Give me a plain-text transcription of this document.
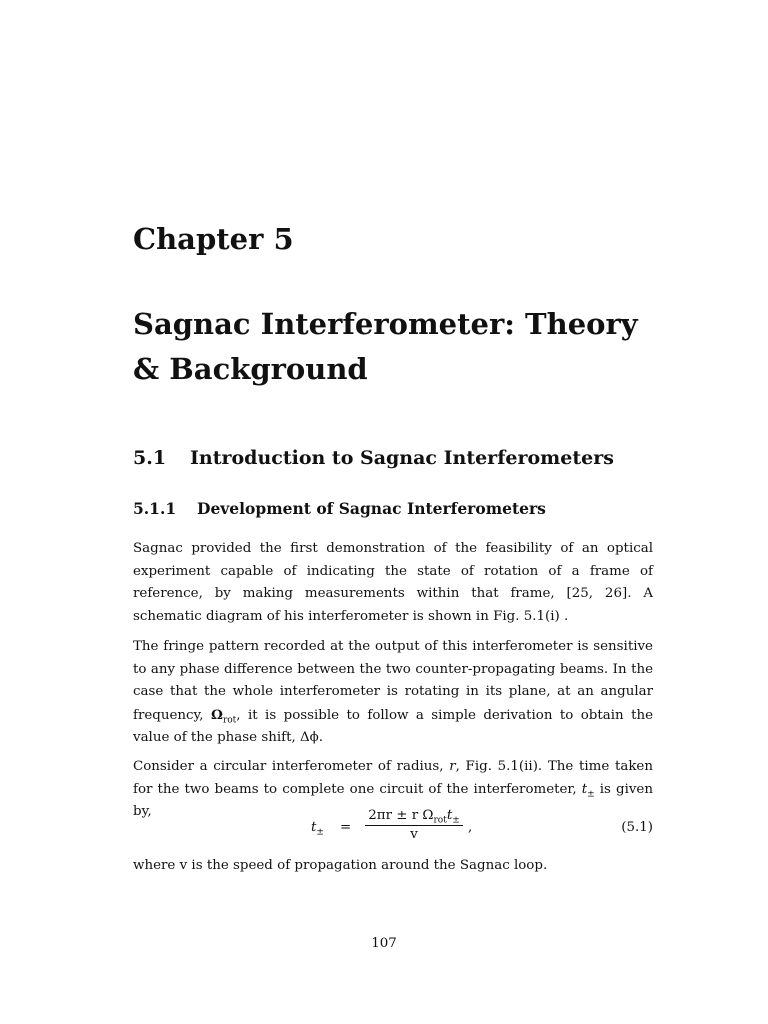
Chapter 5
Sagnac Interferometer: Theory & Background
5.1 Introduction to Sagnac Interferometers
5.1.1 Development of Sagnac Interferometers
Sagnac provided the first demonstration of the feasibility of an optical experiment capable of indicating the state of rotation of a frame of reference, by making measurements within that frame, [25, 26]. A schematic diagram of his interferometer is shown in Fig. 5.1(i) .
The fringe pattern recorded at the output of this interferometer is sensitive to any phase difference between the two counter-propagating beams. In the case that the whole interferometer is rotating in its plane, at an angular frequency, $\Omega_{rot}$, it is possible to follow a simple derivation to obtain the value of the phase shift, Δϕ.
Consider a circular interferometer of radius, r, Fig. 5.1(ii). The time taken for the two beams to complete one circuit of the interferometer, $t_\pm$ is given by,
$t_\pm$ =
2πr ± r $\Omega_{rot}t_\pm$
v	,	(5.1)
where v is the speed of propagation around the Sagnac loop.
107
